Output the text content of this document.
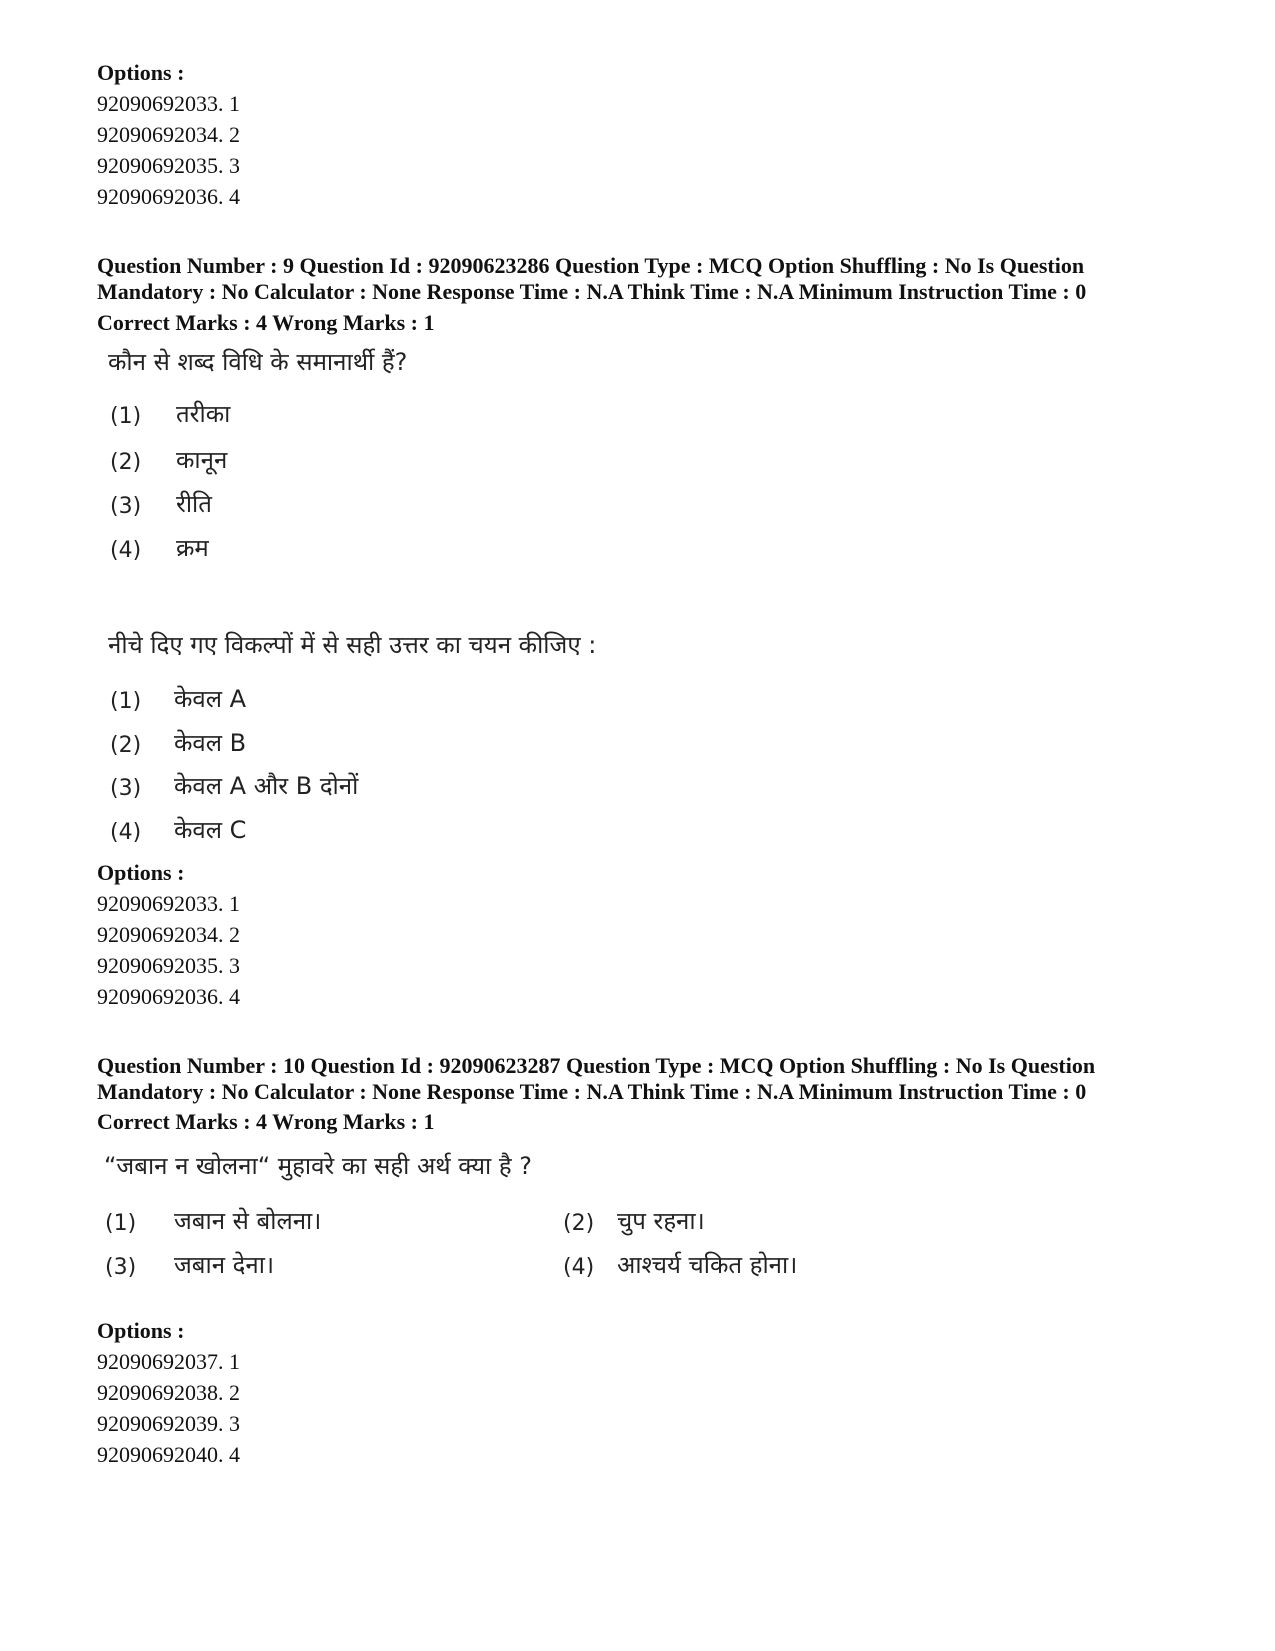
Options :
92090692033. 1
92090692034. 2
92090692035. 3
92090692036. 4
Question Number : 9 Question Id : 92090623286 Question Type : MCQ Option Shuffling : No Is Question
Mandatory : No Calculator : None Response Time : N.A Think Time : N.A Minimum Instruction Time : 0
Correct Marks : 4 Wrong Marks : 1
कौन से शब्द विधि के समानार्थी हैं?
(1) तरीका
(2) कानून
(3) रीति
(4) क्रम
नीचे दिए गए विकल्पों में से सही उत्तर का चयन कीजिए :
(1) केवल A
(2) केवल B
(3) केवल A और B दोनों
(4) केवल C
Options :
92090692033. 1
92090692034. 2
92090692035. 3
92090692036. 4
Question Number : 10 Question Id : 92090623287 Question Type : MCQ Option Shuffling : No Is Question
Mandatory : No Calculator : None Response Time : N.A Think Time : N.A Minimum Instruction Time : 0
Correct Marks : 4 Wrong Marks : 1
“जबान न खोलना“ मुहावरे का सही अर्थ क्या है ?
(1) जबान से बोलना।	(2) चुप रहना।
(3) जबान देना।	(4) आश्चर्य चकित होना।
Options :
92090692037. 1
92090692038. 2
92090692039. 3
92090692040. 4
